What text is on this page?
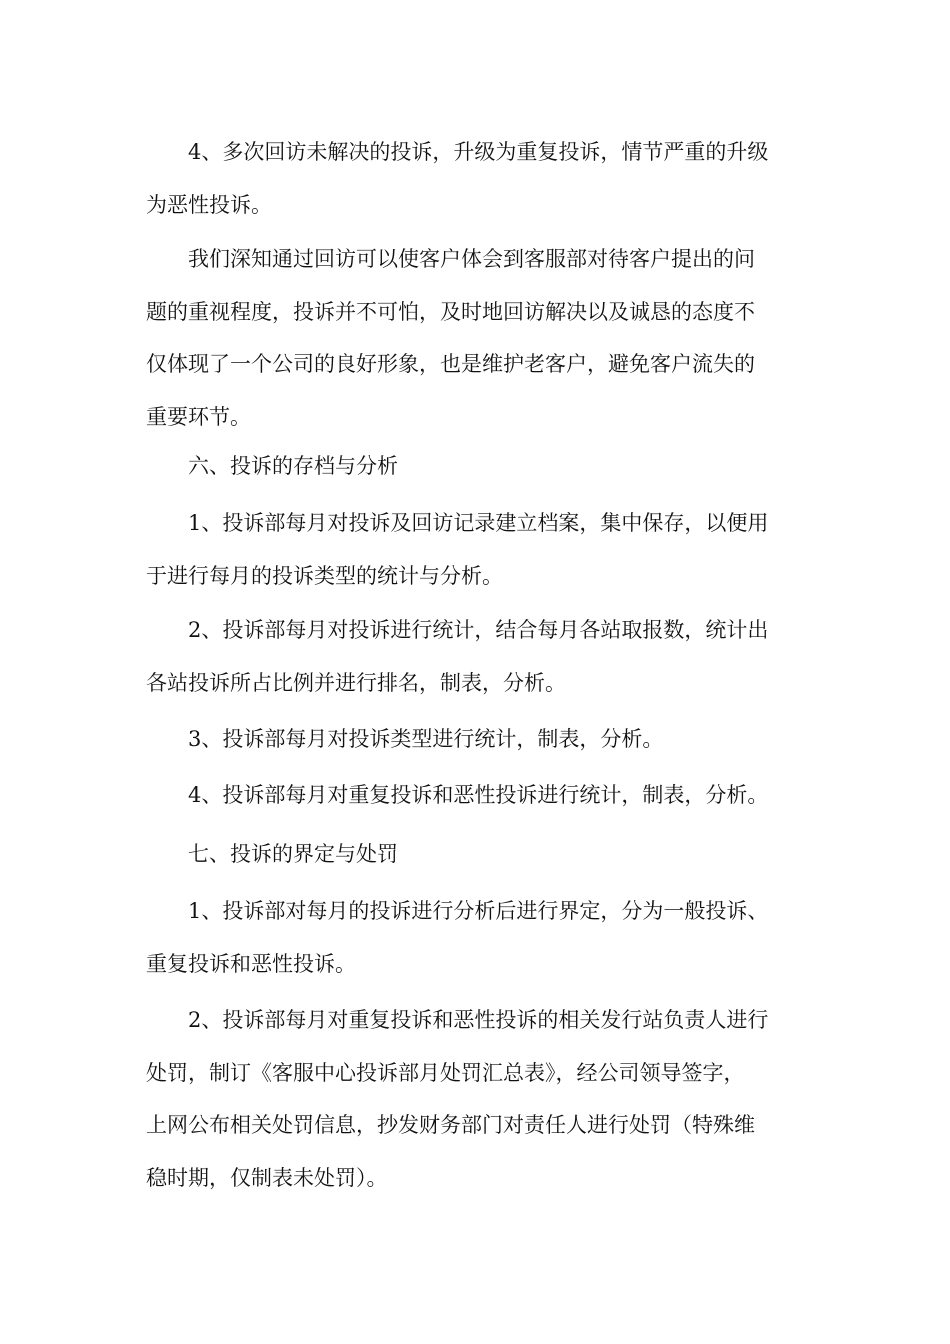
4、多次回访未解决的投诉，升级为重复投诉，情节严重的升级
为恶性投诉。
我们深知通过回访可以使客户体会到客服部对待客户提出的问
题的重视程度，投诉并不可怕，及时地回访解决以及诚恳的态度不
仅体现了一个公司的良好形象，也是维护老客户，避免客户流失的
重要环节。
六、投诉的存档与分析
1、投诉部每月对投诉及回访记录建立档案，集中保存，以便用
于进行每月的投诉类型的统计与分析。
2、投诉部每月对投诉进行统计，结合每月各站取报数，统计出
各站投诉所占比例并进行排名，制表，分析。
3、投诉部每月对投诉类型进行统计，制表，分析。
4、投诉部每月对重复投诉和恶性投诉进行统计，制表，分析。
七、投诉的界定与处罚
1、投诉部对每月的投诉进行分析后进行界定，分为一般投诉、
重复投诉和恶性投诉。
2、投诉部每月对重复投诉和恶性投诉的相关发行站负责人进行
处罚，制订《客服中心投诉部月处罚汇总表》，经公司领导签字，
上网公布相关处罚信息，抄发财务部门对责任人进行处罚（特殊维
稳时期，仅制表未处罚）。
